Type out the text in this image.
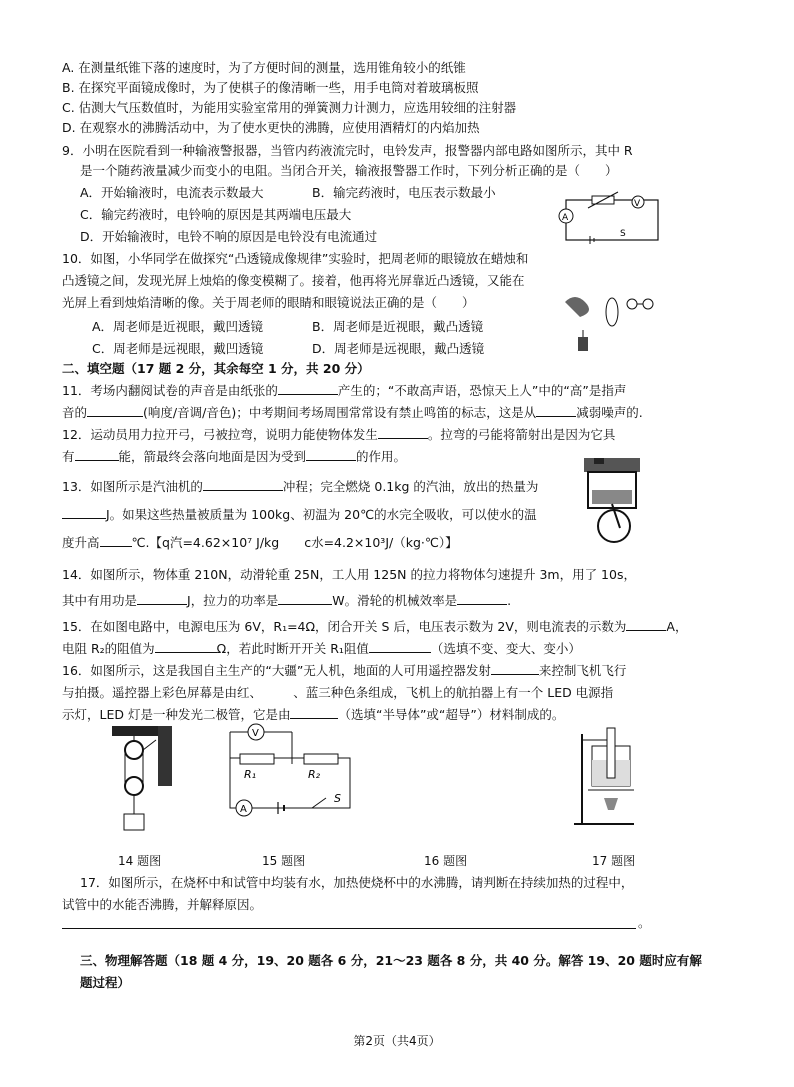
A. 在测量纸锥下落的速度时，为了方便时间的测量，选用锥角较小的纸锥
B. 在探究平面镜成像时，为了使棋子的像清晰一些，用手电筒对着玻璃板照
C. 估测大气压数值时，为能用实验室常用的弹簧测力计测力，应选用较细的注射器
D. 在观察水的沸腾活动中，为了使水更快的沸腾，应使用酒精灯的内焰加热
9．小明在医院看到一种输液警报器，当管内药液流完时，电铃发声，报警器内部电路如图所示，其中 R
是一个随药液量减少而变小的电阻。当闭合开关，输液报警器工作时，下列分析正确的是（　　）
A．开始输液时，电流表示数最大	B．输完药液时，电压表示数最小
C．输完药液时，电铃响的原因是其两端电压最大
D．开始输液时，电铃不响的原因是电铃没有电流通过
A
V
S
10．如图，小华同学在做探究“凸透镜成像规律”实验时，把周老师的眼镜放在蜡烛和
凸透镜之间，发现光屏上烛焰的像变模糊了。接着，他再将光屏靠近凸透镜，又能在
光屏上看到烛焰清晰的像。关于周老师的眼睛和眼镜说法正确的是（　　）
A．周老师是近视眼，戴凹透镜	B．周老师是近视眼，戴凸透镜
C．周老师是远视眼，戴凹透镜	D．周老师是远视眼，戴凸透镜
二、填空题（17 题 2 分，其余每空 1 分，共 20 分）
11．考场内翻阅试卷的声音是由纸张的	产生的；“不敢高声语，恐惊天上人”中的“高”是指声
音的	(响度/音调/音色)；中考期间考场周围常常设有禁止鸣笛的标志，这是从	减弱噪声的.
12．运动员用力拉开弓，弓被拉弯，说明力能使物体发生	。拉弯的弓能将箭射出是因为它具
有	能，箭最终会落向地面是因为受到	的作用。
13．如图所示是汽油机的	冲程；完全燃烧 0.1kg 的汽油，放出的热量为
J。如果这些热量被质量为 100kg、初温为 20℃的水完全吸收，可以使水的温
度升高	℃.【q汽=4.62×10⁷ J/kg　　c水=4.2×10³J/（kg·℃）】
14．如图所示，物体重 210N，动滑轮重 25N，工人用 125N 的拉力将物体匀速提升 3m，用了 10s，
其中有用功是	J，拉力的功率是	W。滑轮的机械效率是	.
15．在如图电路中，电源电压为 6V，R₁=4Ω，闭合开关 S 后，电压表示数为 2V，则电流表的示数为	A，
电阻 R₂的阻值为	Ω，若此时断开开关 R₁阻值	（选填不变、变大、变小）
16．如图所示，这是我国自主生产的“大疆”无人机，地面的人可用遥控器发射	来控制飞机飞行
与拍摄。遥控器上彩色屏幕是由红、　　　、蓝三种色条组成，飞机上的航拍器上有一个 LED 电源指
示灯，LED 灯是一种发光二极管，它是由	（选填“半导体”或“超导”）材料制成的。
V
R₁	R₂
A
S
14 题图	15 题图	16 题图	17 题图
17．如图所示，在烧杯中和试管中均装有水，加热使烧杯中的水沸腾，请判断在持续加热的过程中，
试管中的水能否沸腾，并解释原因。
。
三、物理解答题（18 题 4 分，19、20 题各 6 分，21～23 题各 8 分，共 40 分。解答 19、20 题时应有解
题过程）
第2页（共4页）
